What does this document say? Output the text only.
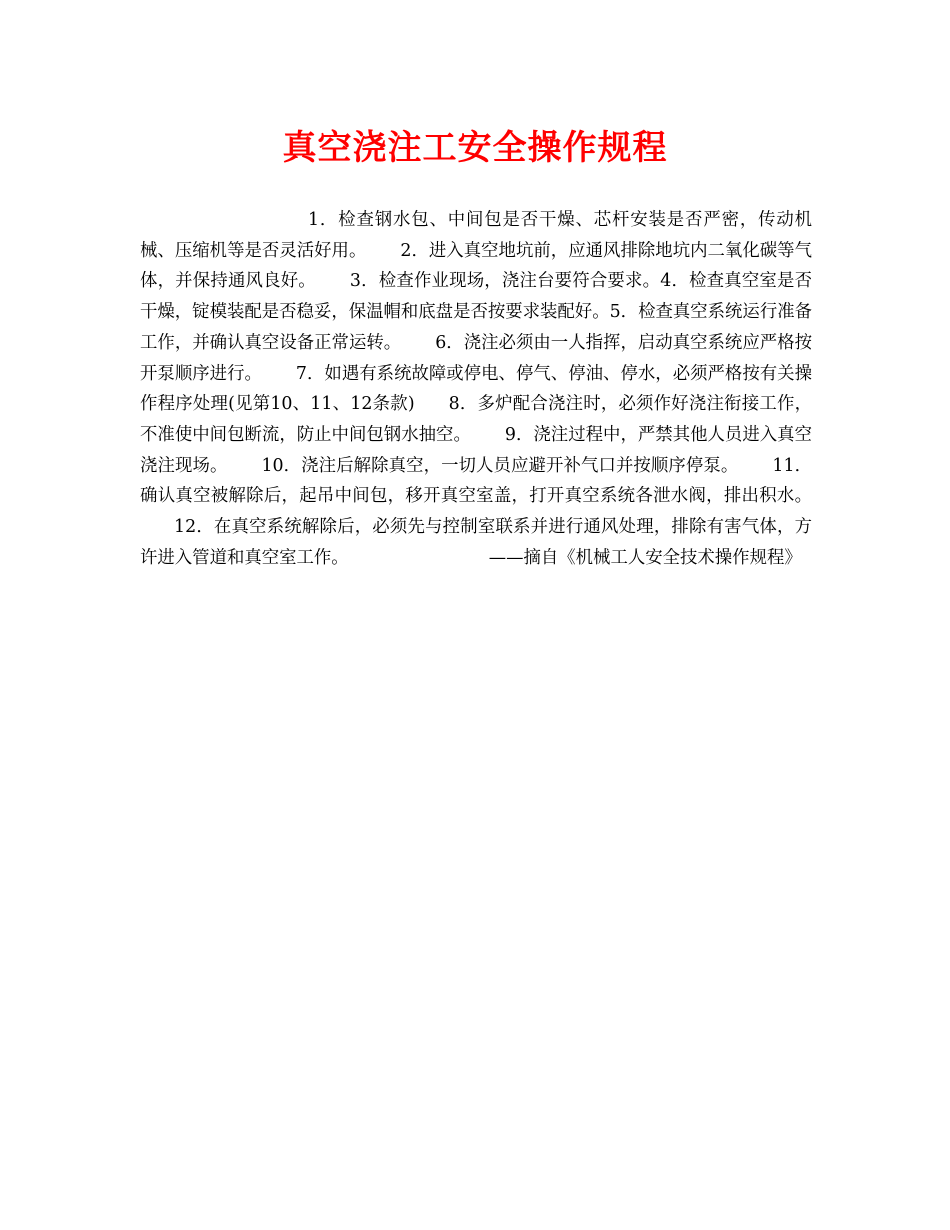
真空浇注工安全操作规程

1．检查钢水包、中间包是否干燥、芯杆安装是否严密，传动机械、压缩机等是否灵活好用。 2．进入真空地坑前，应通风排除地坑内二氧化碳等气体，并保持通风良好。 3．检查作业现场，浇注台要符合要求。4．检查真空室是否干燥，锭模装配是否稳妥，保温帽和底盘是否按要求装配好。5．检查真空系统运行准备工作，并确认真空设备正常运转。 6．浇注必须由一人指挥，启动真空系统应严格按开泵顺序进行。 7．如遇有系统故障或停电、停气、停油、停水，必须严格按有关操作程序处理(见第10、11、12条款) 8．多炉配合浇注时，必须作好浇注衔接工作，不准使中间包断流，防止中间包钢水抽空。 9．浇注过程中，严禁其他人员进入真空浇注现场。 10．浇注后解除真空，一切人员应避开补气口并按顺序停泵。 11．确认真空被解除后，起吊中间包，移开真空室盖，打开真空系统各泄水阀，排出积水。12．在真空系统解除后，必须先与控制室联系并进行通风处理，排除有害气体，方许进入管道和真空室工作。	——摘自《机械工人安全技术操作规程》
